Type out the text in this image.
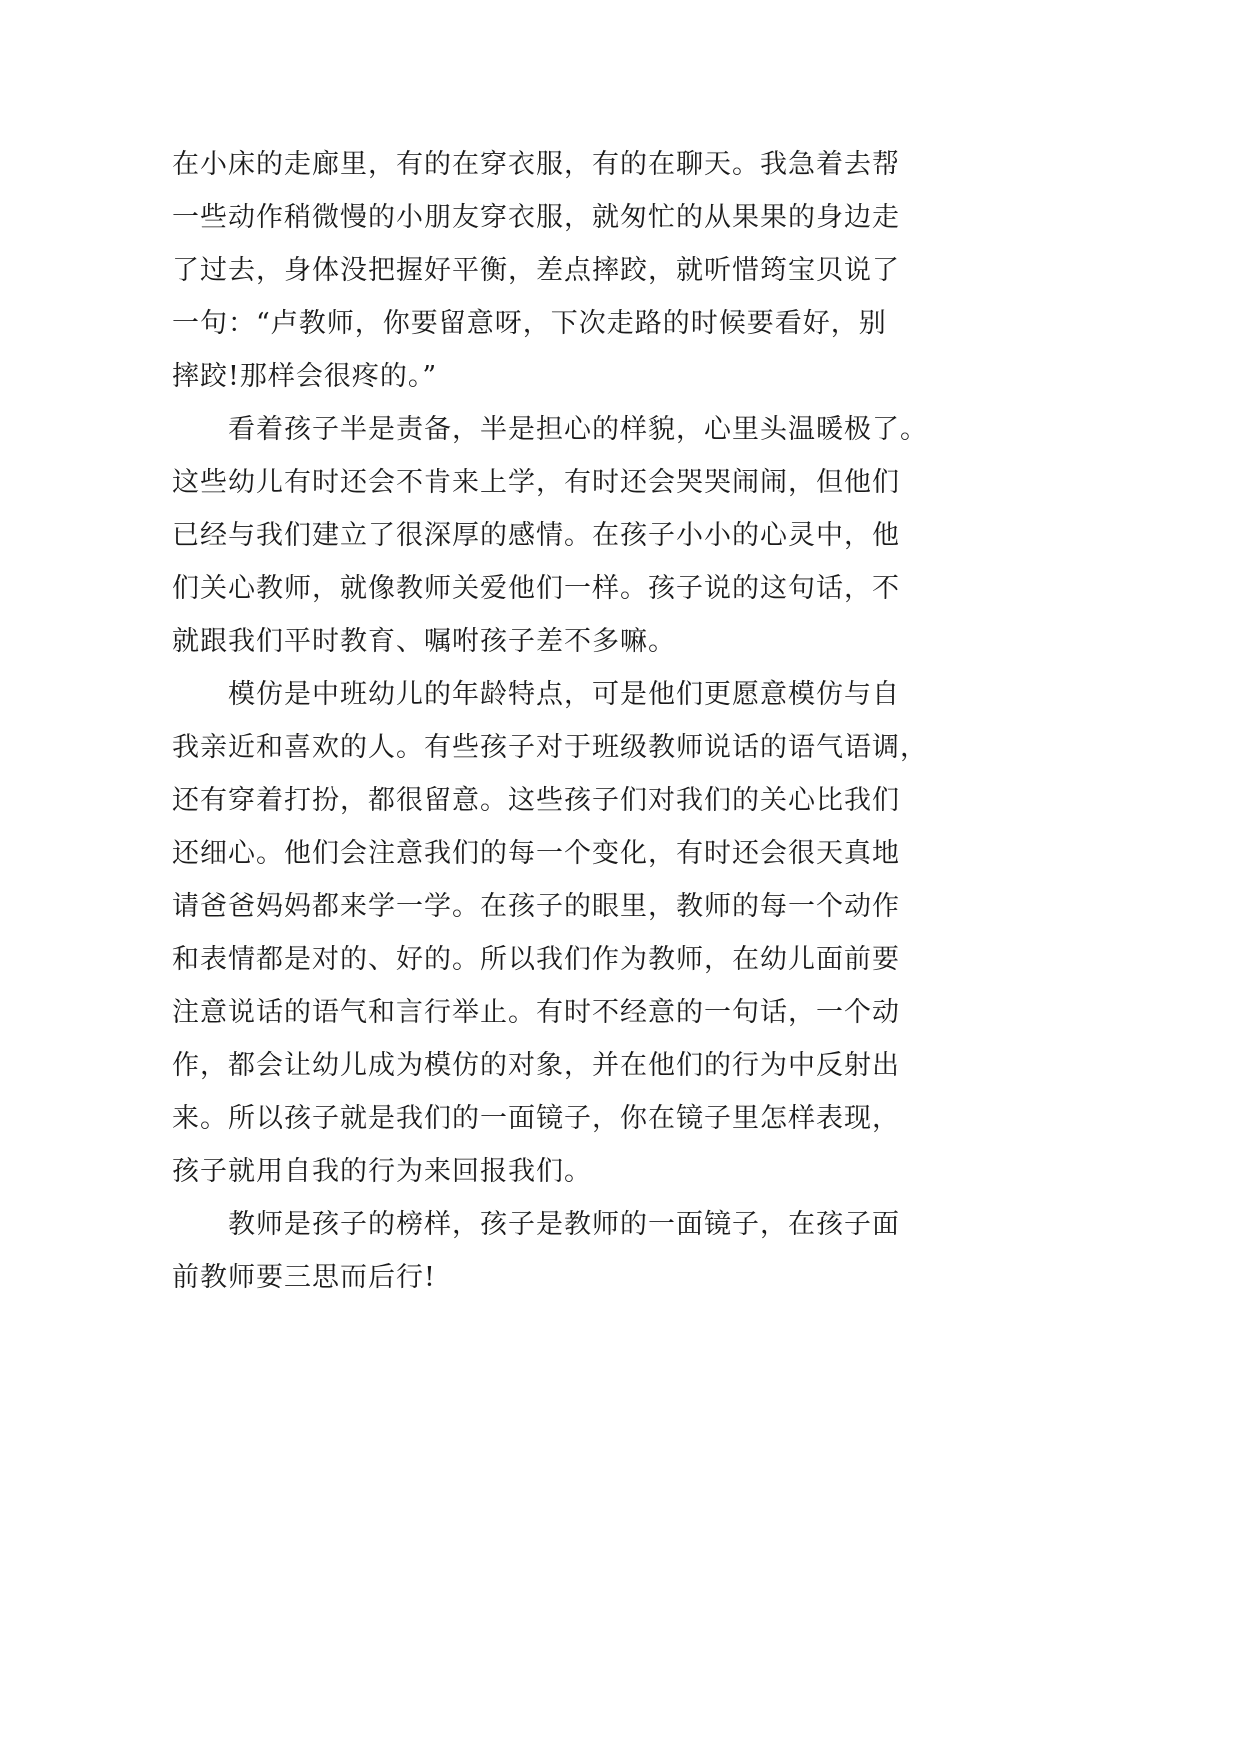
在小床的走廊里，有的在穿衣服，有的在聊天。我急着去帮
一些动作稍微慢的小朋友穿衣服，就匆忙的从果果的身边走
了过去，身体没把握好平衡，差点摔跤，就听惜筠宝贝说了
一句：“卢教师，你要留意呀，下次走路的时候要看好，别
摔跤!那样会很疼的。”
看着孩子半是责备，半是担心的样貌，心里头温暖极了。
这些幼儿有时还会不肯来上学，有时还会哭哭闹闹，但他们
已经与我们建立了很深厚的感情。在孩子小小的心灵中，他
们关心教师，就像教师关爱他们一样。孩子说的这句话，不
就跟我们平时教育、嘱咐孩子差不多嘛。
模仿是中班幼儿的年龄特点，可是他们更愿意模仿与自
我亲近和喜欢的人。有些孩子对于班级教师说话的语气语调，
还有穿着打扮，都很留意。这些孩子们对我们的关心比我们
还细心。他们会注意我们的每一个变化，有时还会很天真地
请爸爸妈妈都来学一学。在孩子的眼里，教师的每一个动作
和表情都是对的、好的。所以我们作为教师，在幼儿面前要
注意说话的语气和言行举止。有时不经意的一句话，一个动
作，都会让幼儿成为模仿的对象，并在他们的行为中反射出
来。所以孩子就是我们的一面镜子，你在镜子里怎样表现，
孩子就用自我的行为来回报我们。
教师是孩子的榜样，孩子是教师的一面镜子，在孩子面
前教师要三思而后行!
